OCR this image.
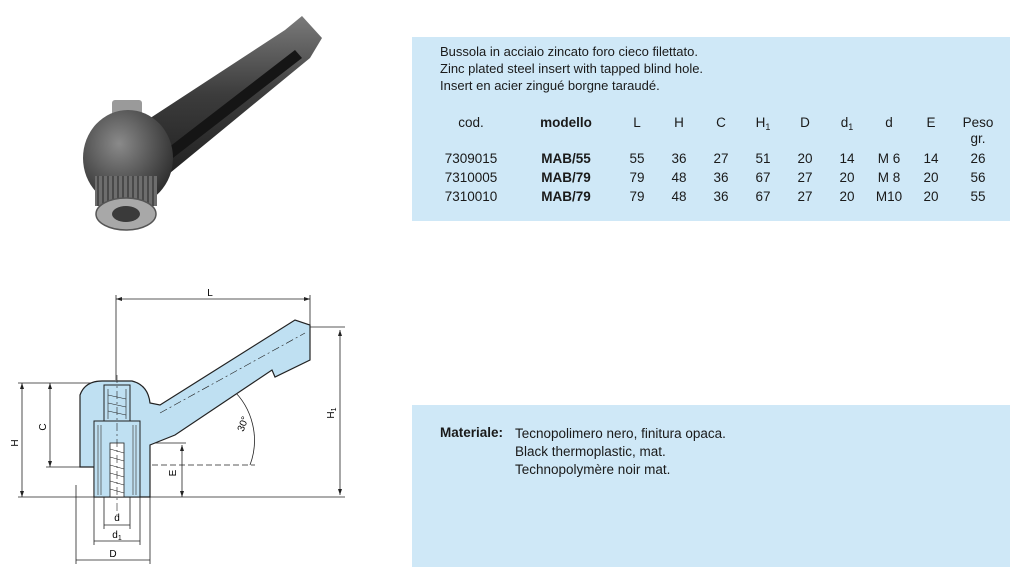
L
H
C
$H_1$
E
d
$d_1$
D
30°
Bussola in acciaio zincato foro cieco filettato.
Zinc plated steel insert with tapped blind hole.
Insert en acier zingué borgne taraudé.
cod.	modello	L	H	C	$H_1$	D	$d_1$	d	E	Peso
gr.

7309015	MAB/55	55	36	27	51	20	14	M 6	14	26
7310005	MAB/79	79	48	36	67	27	20	M 8	20	56
7310010	MAB/79	79	48	36	67	27	20	M10	20	55
Materiale: Tecnopolimero nero, finitura opaca.
Black thermoplastic, mat.
Technopolymère noir mat.
